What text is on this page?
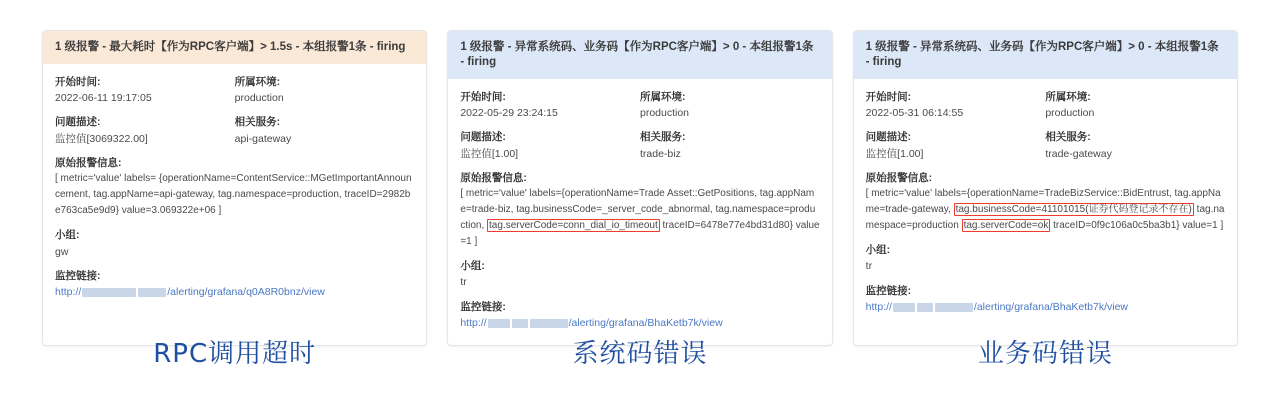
1 级报警 - 最大耗时【作为RPC客户端】> 1.5s - 本组报警1条 - firing
开始时间:
2022-06-11 19:17:05
所属环境:
production
问题描述:
监控值[3069322.00]
相关服务:
api-gateway
原始报警信息:
[ metric='value' labels= {operationName=ContentService::MGetImportantAnnouncement, tag.appName=api-gateway, tag.namespace=production, traceID=2982be763ca5e9d9} value=3.069322e+06 ]
小组:
gw
监控链接:
http://	/alerting/grafana/q0A8R0bnz/view
1 级报警 - 异常系统码、业务码【作为RPC客户端】> 0 - 本组报警1条 - firing
开始时间:
2022-05-29 23:24:15
所属环境:
production
问题描述:
监控值[1.00]
相关服务:
trade-biz
原始报警信息:
[ metric='value' labels={operationName=Trade Asset::GetPositions, tag.appName=trade-biz, tag.businessCode=_server_code_abnormal, tag.namespace=production, tag.serverCode=conn_dial_io_timeout traceID=6478e77e4bd31d80} value=1 ]
小组:
tr
监控链接:
http://	/alerting/grafana/BhaKetb7k/view
1 级报警 - 异常系统码、业务码【作为RPC客户端】> 0 - 本组报警1条 - firing
开始时间:
2022-05-31 06:14:55
所属环境:
production
问题描述:
监控值[1.00]
相关服务:
trade-gateway
原始报警信息:
[ metric='value' labels={operationName=TradeBizService::BidEntrust, tag.appName=trade-gateway, tag.businessCode=41101015(证券代码登记录不存在) tag.namespace=production tag.serverCode=ok traceID=0f9c106a0c5ba3b1} value=1 ]
小组:
tr
监控链接:
http://	/alerting/grafana/BhaKetb7k/view
RPC调用超时	系统码错误	业务码错误
